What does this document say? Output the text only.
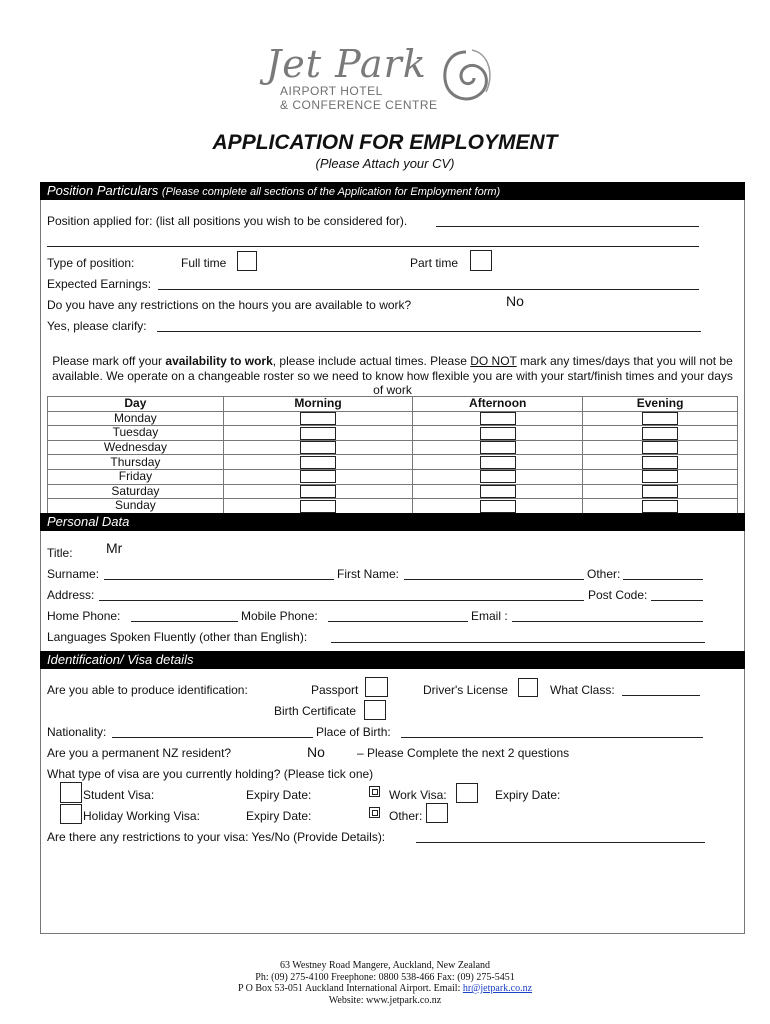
Jet Park
AIRPORT HOTEL
& CONFERENCE CENTRE
APPLICATION FOR EMPLOYMENT
(Please Attach your CV)
Position Particulars (Please complete all sections of the Application for Employment form)
Position applied for: (list all positions you wish to be considered for).
Type of position:	Full time	Part time
Expected Earnings:
Do you have any restrictions on the hours you are available to work?	No
Yes, please clarify:
Please mark off your availability to work, please include actual times. Please DO NOT mark any times/days that you will not be available. We operate on a changeable roster so we need to know how flexible you are with your start/finish times and your days of work
Day	Morning	Afternoon	Evening
Monday			
Tuesday			
Wednesday			
Thursday			
Friday			
Saturday			
Sunday			
Personal Data
Title: Mr
Surname:	First Name:	Other:
Address:	Post Code:
Home Phone:	Mobile Phone:	Email :
Languages Spoken Fluently (other than English):
Identification/ Visa details
Are you able to produce identification:	Passport	Driver's License	What Class:
Birth Certificate
Nationality:	Place of Birth:
Are you a permanent NZ resident?	No	– Please Complete the next 2 questions
What type of visa are you currently holding? (Please tick one)
Student Visa:	Expiry Date:	Work Visa:	Expiry Date:
Holiday Working Visa:	Expiry Date:	Other:
Are there any restrictions to your visa: Yes/No (Provide Details):
63 Westney Road Mangere, Auckland, New Zealand
Ph: (09) 275-4100 Freephone: 0800 538-466 Fax: (09) 275-5451
P O Box 53-051 Auckland International Airport. Email: hr@jetpark.co.nz
Website: www.jetpark.co.nz
